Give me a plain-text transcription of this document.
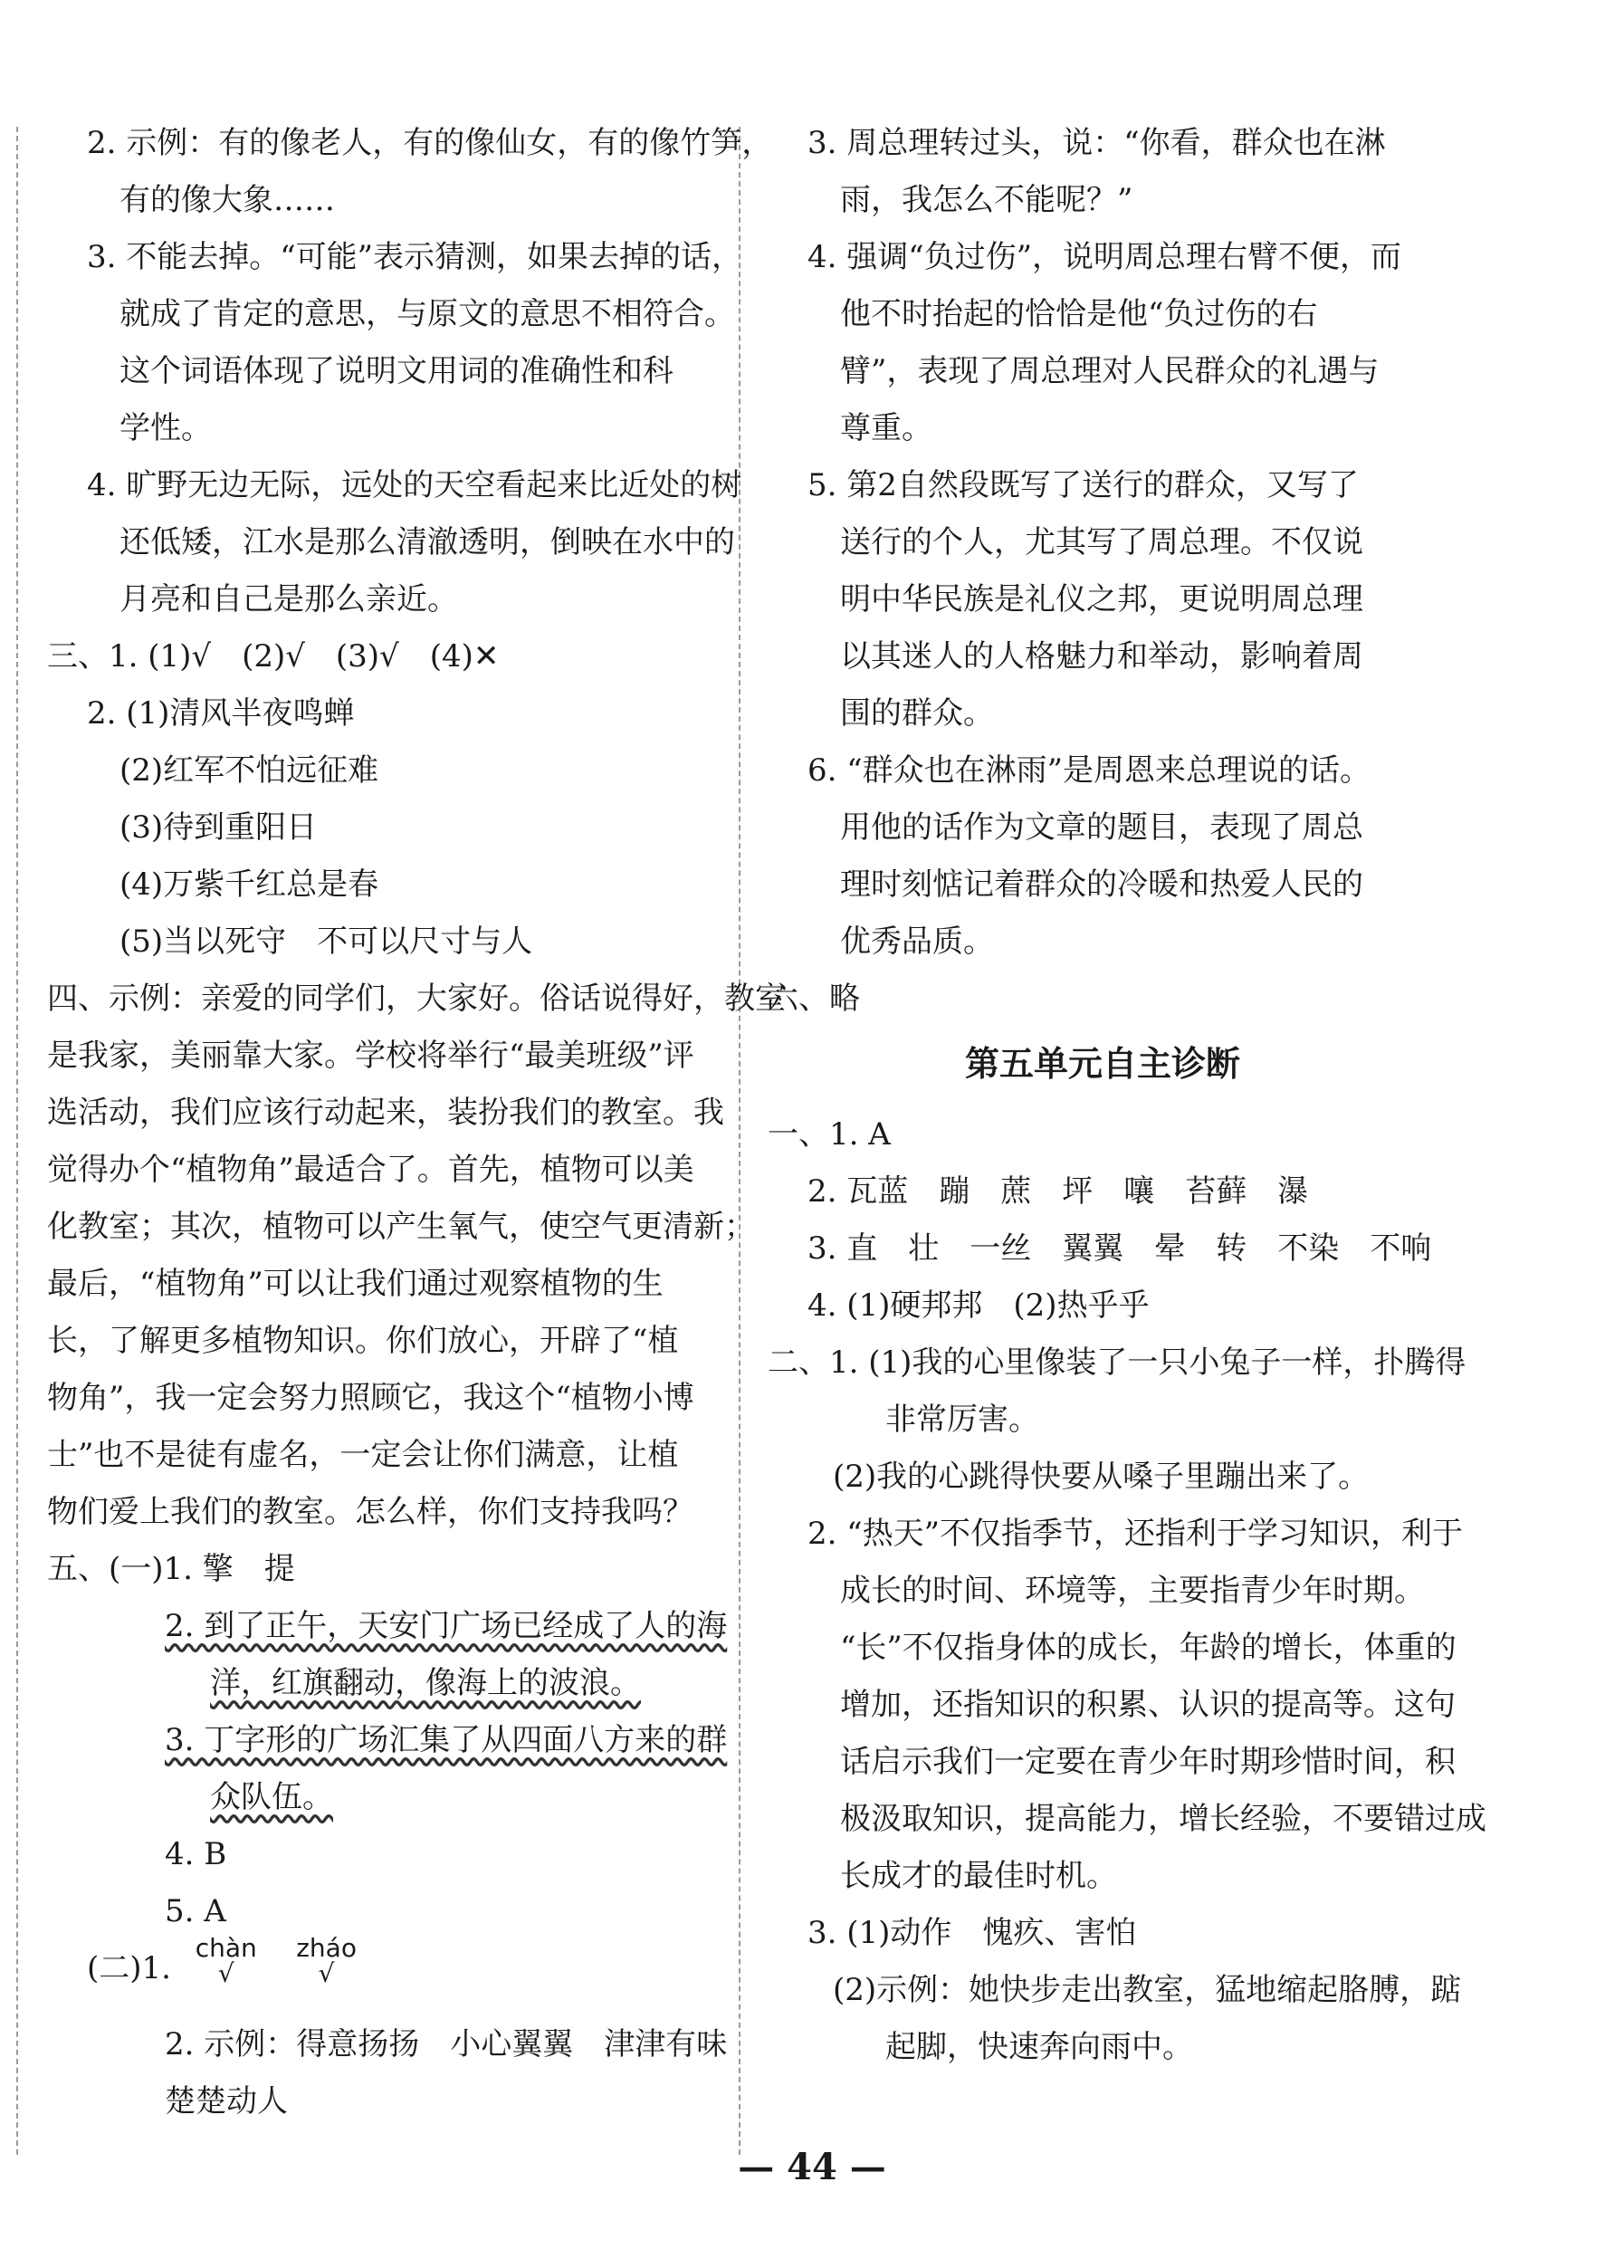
2. 示例：有的像老人，有的像仙女，有的像竹笋，
有的像大象……
3. 不能去掉。“可能”表示猜测，如果去掉的话，
就成了肯定的意思，与原文的意思不相符合。
这个词语体现了说明文用词的准确性和科
学性。
4. 旷野无边无际，远处的天空看起来比近处的树
还低矮，江水是那么清澈透明，倒映在水中的
月亮和自己是那么亲近。
三、1. (1)√　(2)√　(3)√　(4)✕
2. (1)清风半夜鸣蝉
(2)红军不怕远征难
(3)待到重阳日
(4)万紫千红总是春
(5)当以死守　不可以尺寸与人
四、示例：亲爱的同学们，大家好。俗话说得好，教室
是我家，美丽靠大家。学校将举行“最美班级”评
选活动，我们应该行动起来，装扮我们的教室。我
觉得办个“植物角”最适合了。首先，植物可以美
化教室；其次，植物可以产生氧气，使空气更清新；
最后，“植物角”可以让我们通过观察植物的生
长，了解更多植物知识。你们放心，开辟了“植
物角”，我一定会努力照顾它，我这个“植物小博
士”也不是徒有虚名，一定会让你们满意，让植
物们爱上我们的教室。怎么样，你们支持我吗？
五、(一)1. 擎　提
2. 到了正午，天安门广场已经成了人的海
洋，红旗翻动，像海上的波浪。
3. 丁字形的广场汇集了从四面八方来的群
众队伍。
4. B
5. A
(二)1.
chàn
√

zháo
√
2. 示例：得意扬扬　小心翼翼　津津有味
楚楚动人
3. 周总理转过头，说：“你看，群众也在淋
雨，我怎么不能呢？”
4. 强调“负过伤”，说明周总理右臂不便，而
他不时抬起的恰恰是他“负过伤的右
臂”，表现了周总理对人民群众的礼遇与
尊重。
5. 第2自然段既写了送行的群众，又写了
送行的个人，尤其写了周总理。不仅说
明中华民族是礼仪之邦，更说明周总理
以其迷人的人格魅力和举动，影响着周
围的群众。
6. “群众也在淋雨”是周恩来总理说的话。
用他的话作为文章的题目，表现了周总
理时刻惦记着群众的冷暖和热爱人民的
优秀品质。
六、略
第五单元自主诊断
一、1. A
2. 瓦蓝　蹦　蔗　坪　嚷　苔藓　瀑
3. 直　壮　一丝　翼翼　晕　转　不染　不响
4. (1)硬邦邦　(2)热乎乎
二、1. (1)我的心里像装了一只小兔子一样，扑腾得
非常厉害。
(2)我的心跳得快要从嗓子里蹦出来了。
2. “热天”不仅指季节，还指利于学习知识，利于
成长的时间、环境等，主要指青少年时期。
“长”不仅指身体的成长，年龄的增长，体重的
增加，还指知识的积累、认识的提高等。这句
话启示我们一定要在青少年时期珍惜时间，积
极汲取知识，提高能力，增长经验，不要错过成
长成才的最佳时机。
3. (1)动作　愧疚、害怕
(2)示例：她快步走出教室，猛地缩起胳膊，踮
起脚，快速奔向雨中。
— 44 —
